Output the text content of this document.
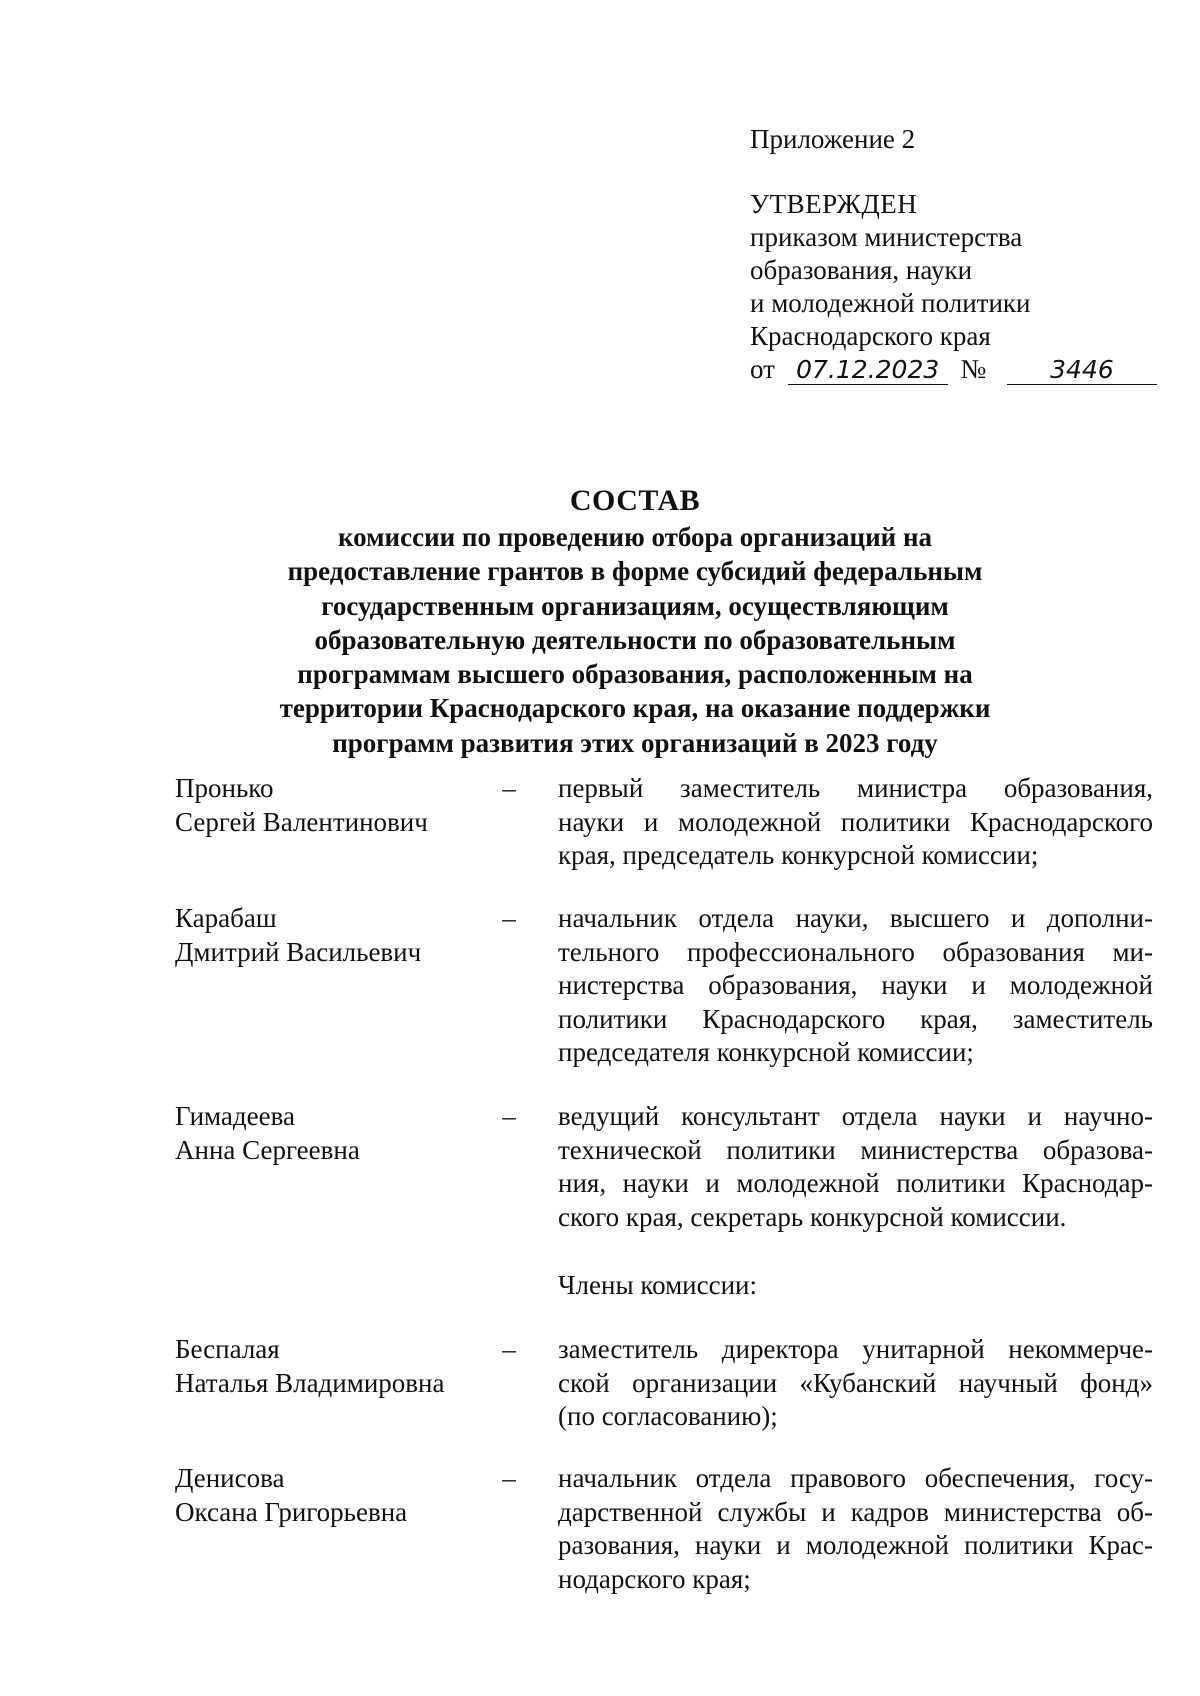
Приложение 2
УТВЕРЖДЕН
приказом министерства
образования, науки
и молодежной политики
Краснодарского края
от 07.12.2023 №	3446
СОСТАВ
комиссии по проведению отбора организаций на
предоставление грантов в форме субсидий федеральным
государственным организациям, осуществляющим
образовательную деятельности по образовательным
программам высшего образования, расположенным на
территории Краснодарского края, на оказание поддержки
программ развития этих организаций в 2023 году
Пронько
Сергей Валентинович
– первый заместитель министра образования,
науки и молодежной политики Краснодарского
края, председатель конкурсной комиссии;
Карабаш
Дмитрий Васильевич
– начальник отдела науки, высшего и дополни-
тельного профессионального образования ми-
нистерства образования, науки и молодежной
политики Краснодарского края, заместитель
председателя конкурсной комиссии;
Гимадеева
Анна Сергеевна
– ведущий консультант отдела науки и научно-
технической политики министерства образова-
ния, науки и молодежной политики Краснодар-
ского края, секретарь конкурсной комиссии.
Члены комиссии:
Беспалая
Наталья Владимировна
– заместитель директора унитарной некоммерче-
ской организации «Кубанский научный фонд»
(по согласованию);
Денисова
Оксана Григорьевна
– начальник отдела правового обеспечения, госу-
дарственной службы и кадров министерства об-
разования, науки и молодежной политики Крас-
нодарского края;
